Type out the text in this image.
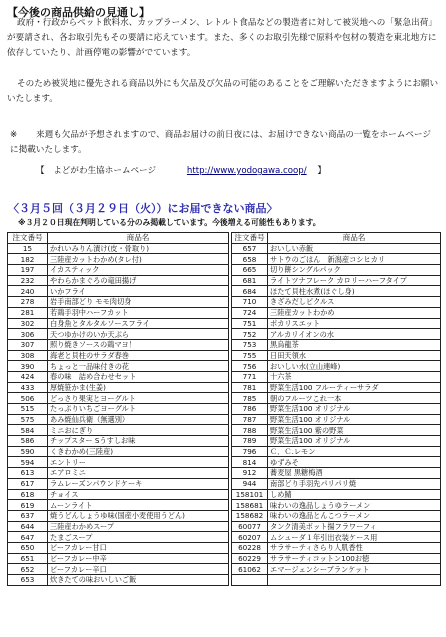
【今後の商品供給の見通し】
政府・行政からペット飲料水、カップラーメン、レトルト食品などの製造者に対して被災地への「緊急出荷」が要請され、各お取引先もその要請に応えています。また、多くのお取引先様で原料や包材の製造を東北地方に依存していたり、計画停電の影響がでています。
そのため被災地に優先される商品以外にも欠品及び欠品の可能のあることをご理解いただきますようにお願いいたします。
※ 来週も欠品が予想されますので、商品お届けの前日夜には、お届けできない商品の一覧をホームページに掲載いたします。
【　よどがわ生協ホームページ	http://www.yodogawa.coop/ 】
〈３月５回（３月２９日（火））にお届できない商品〉
※３月２０日現在判明している分のみ掲載しています。今後増える可能性もあります。
注文番号	商品名
15	かれいみりん漬け(皮・骨取り)
182	三陸産カットわかめ(タレ付)
197	イカスティック
232	やわらかまぐろの竜田揚げ
240	いかフライ
278	岩手南部どり モモ肉切身
281	若鶏手羽中ハーフカット
302	白身魚とタルタルソースフライ
306	天つゆかけのいか天ぷら
307	照り焼きソースの鶏マヨ！
308	海老と貝柱のサラダ春巻
390	ちょっと一品味付きの花
424	春の味　詰め合わせセット
433	厚焼笹かま(生姜)
506	どっさり果実とヨーグルト
515	たっぷりいちごヨーグルト
575	あみ焼仙兵衛（無選別）
584	ミニおにぎり
586	チップスター Sうすしお味
590	くきわかめ(三陸産)
594	エントリー
613	エアロミニ
617	ラムレーズンパウンドケーキ
618	チョイス
619	ムーンライト
637	焼うどんしょうゆ味(国産小麦使用うどん)
644	三陸産わかめスープ
647	たまごスープ
650	ビーフカレー甘口
651	ビーフカレー中辛
652	ビーフカレー辛口
653	炊きたての味おいしいご飯
注文番号	商品名
657	おいしい赤飯
658	サトウのごはん　新潟産コシヒカリ
665	切り餅シングルパック
681	ライトツナフレーク カロリーハーフタイプ
684	ほたて貝柱水煮(ほぐし身)
710	きざみだしピクルス
724	三陸産カットわかめ
751	ポカリスエット
752	アルカリイオンの水
753	黒烏龍茶
755	日田天領水
756	おいしい水(立山連峰)
771	十六茶
781	野菜生活100 フルーティーサラダ
785	朝のフルーツこれ一本
786	野菜生活100 オリジナル
787	野菜生活100 オリジナル
788	野菜生活100 紫の野菜
789	野菜生活100 オリジナル
796	Ｃ．Ｃ.レモン
814	ゆずみそ
912	蕎麦屋 黒糖梅酒
944	南部どり手羽先パリパリ焼
158101	しめ鯖
158681	味わいの逸品しょうゆラーメン
158682	味わいの逸品とんこつラーメン
60077	タンク清美ボット揚フラワーフィ
60207	ムシューダ１年引出衣装ケース用
60228	サラサーティさらり人肌香性
60229	サラサーティコットン100お徳
61062	エマージェンシーブランケット
